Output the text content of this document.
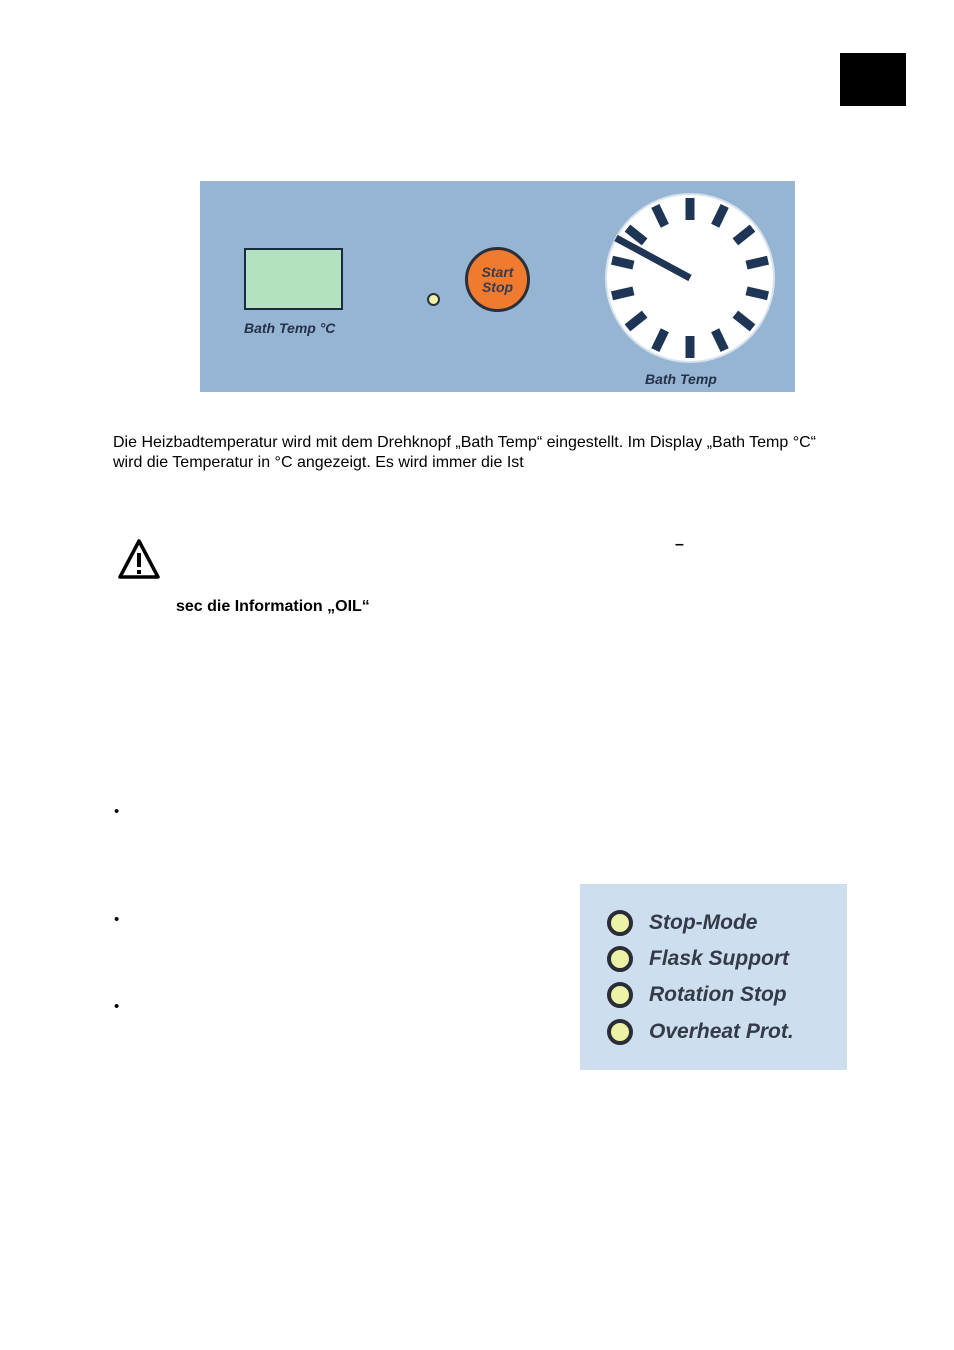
Bath Temp °C
Start
Stop
Bath Temp
Die Heizbadtemperatur wird mit dem Drehknopf „Bath Temp“ eingestellt. Im Display „Bath Temp °C“ wird die Temperatur in °C angezeigt. Es wird immer die Ist
–
sec die Information „OIL“
•
•
•
Stop-Mode
Flask Support
Rotation Stop
Overheat Prot.
